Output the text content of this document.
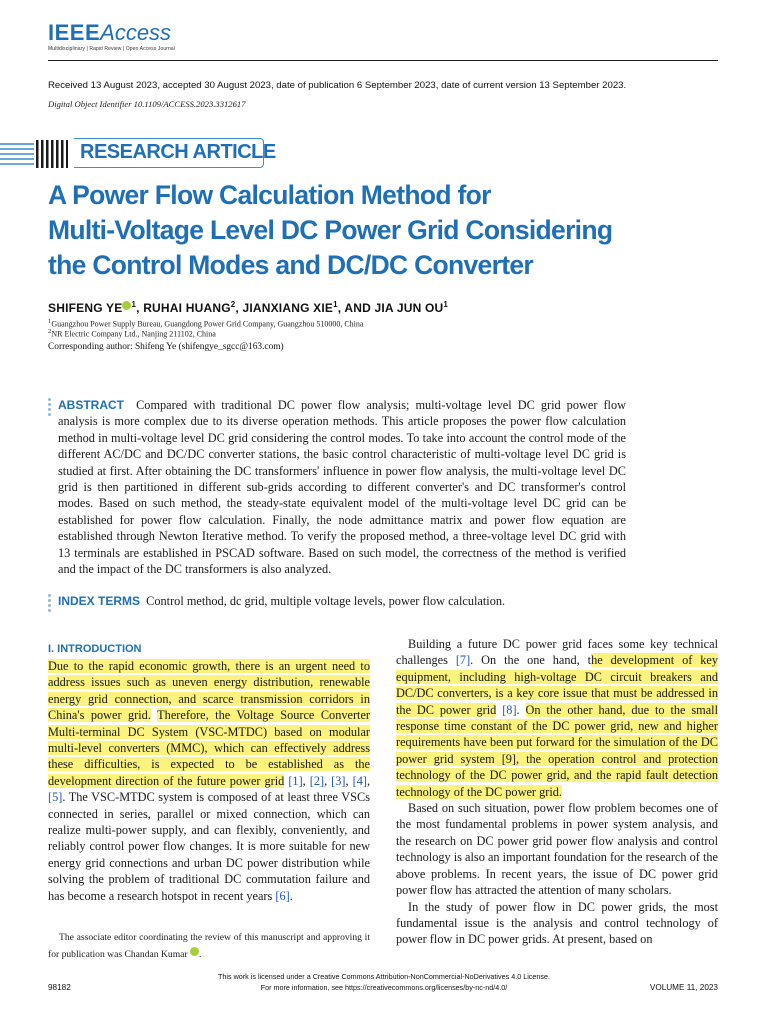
IEEEAccess
Multidisciplinary | Rapid Review | Open Access Journal
Received 13 August 2023, accepted 30 August 2023, date of publication 6 September 2023, date of current version 13 September 2023.
Digital Object Identifier 10.1109/ACCESS.2023.3312617
RESEARCH ARTICLE
A Power Flow Calculation Method for
Multi-Voltage Level DC Power Grid Considering
the Control Modes and DC/DC Converter
SHIFENG YE $^1$, RUHAI HUANG$^2$, JIANXIANG XIE$^1$, AND JIA JUN $OU^1$
$^1$Guangzhou Power Supply Bureau, Guangdong Power Grid Company, Guangzhou 510000, China
$^2$NR Electric Company Ltd., Nanjing 211102, China
Corresponding author: Shifeng Ye (shifengye_sgcc@163.com)
ABSTRACT Compared with traditional DC power flow analysis; multi-voltage level DC grid power flow analysis is more complex due to its diverse operation methods. This article proposes the power flow calculation method in multi-voltage level DC grid considering the control modes. To take into account the control mode of the different AC/DC and DC/DC converter stations, the basic control characteristic of multi-voltage level DC grid is studied at first. After obtaining the DC transformers' influence in power flow analysis, the multi-voltage level DC grid is then partitioned in different sub-grids according to different converter's and DC transformer's control modes. Based on such method, the steady-state equivalent model of the multi-voltage level DC grid can be established for power flow calculation. Finally, the node admittance matrix and power flow equation are established through Newton Iterative method. To verify the proposed method, a three-voltage level DC grid with 13 terminals are established in PSCAD software. Based on such model, the correctness of the method is verified and the impact of the DC transformers is also analyzed.
INDEX TERMS Control method, dc grid, multiple voltage levels, power flow calculation.
I. INTRODUCTION
Due to the rapid economic growth, there is an urgent need to address issues such as uneven energy distribution, renewable energy grid connection, and scarce transmission corridors in China's power grid. Therefore, the Voltage Source Converter Multi-terminal DC System (VSC-MTDC) based on modular multi-level converters (MMC), which can effectively address these difficulties, is expected to be established as the development direction of the future power grid [1], [2], [3], [4], [5]. The VSC-MTDC system is composed of at least three VSCs connected in series, parallel or mixed connection, which can realize multi-power supply, and can flexibly, conveniently, and reliably control power flow changes. It is more suitable for new energy grid connections and urban DC power distribution while solving the problem of traditional DC commutation failure and has become a research hotspot in recent years [6].
The associate editor coordinating the review of this manuscript and approving it for publication was Chandan Kumar .
Building a future DC power grid faces some key technical challenges [7]. On the one hand, the development of key equipment, including high-voltage DC circuit breakers and DC/DC converters, is a key core issue that must be addressed in the DC power grid [8]. On the other hand, due to the small response time constant of the DC power grid, new and higher requirements have been put forward for the simulation of the DC power grid system [9], the operation control and protection technology of the DC power grid, and the rapid fault detection technology of the DC power grid.
Based on such situation, power flow problem becomes one of the most fundamental problems in power system analysis, and the research on DC power grid power flow analysis and control technology is also an important foundation for the research of the above problems. In recent years, the issue of DC power grid power flow has attracted the attention of many scholars.
In the study of power flow in DC power grids, the most fundamental issue is the analysis and control technology of power flow in DC power grids. At present, based on
This work is licensed under a Creative Commons Attribution-NonCommercial-NoDerivatives 4.0 License.
For more information, see https://creativecommons.org/licenses/by-nc-nd/4.0/
98182	VOLUME 11, 2023
